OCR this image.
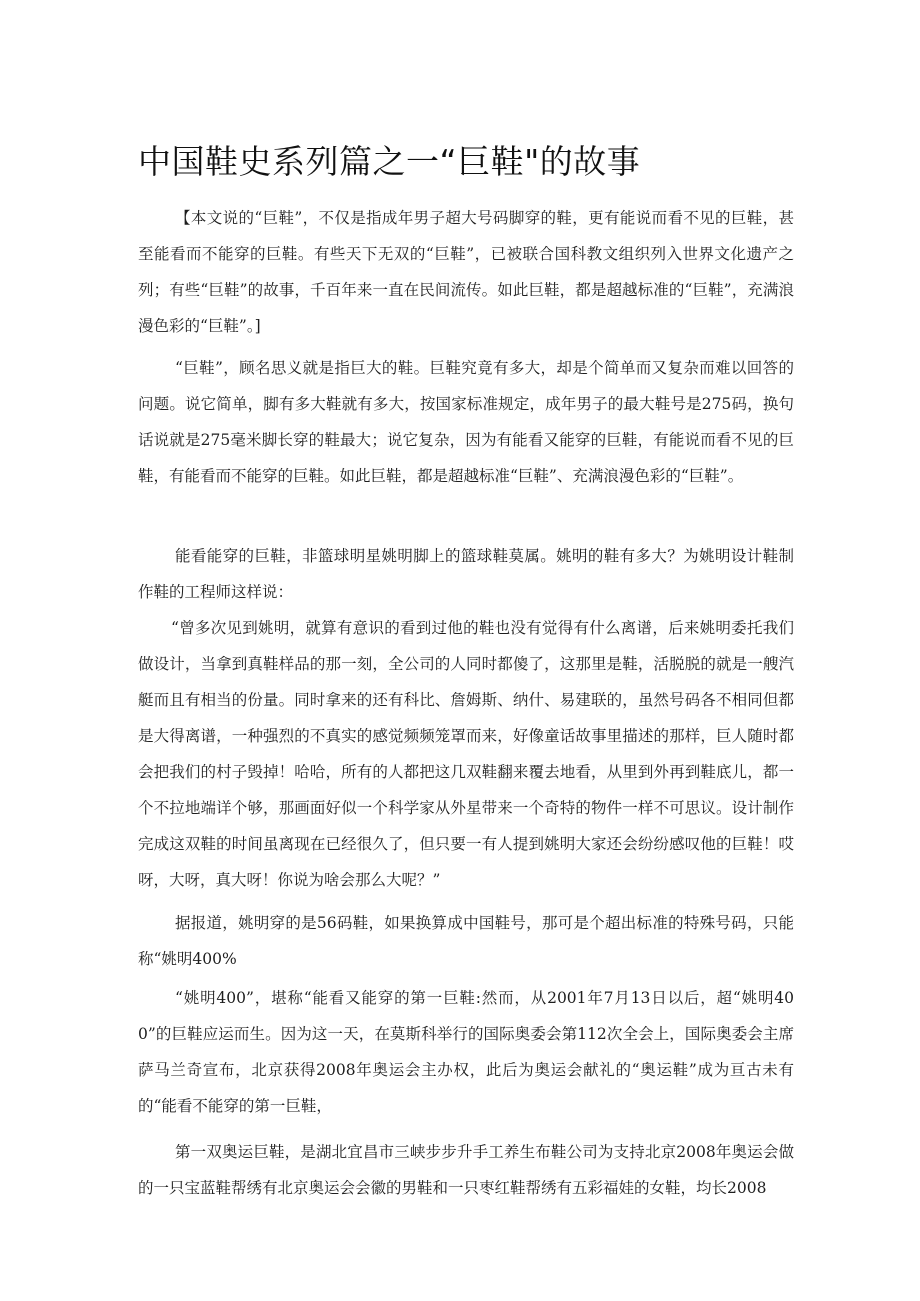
中国鞋史系列篇之一“巨鞋"的故事

【本文说的“巨鞋”，不仅是指成年男子超大号码脚穿的鞋，更有能说而看不见的巨鞋，甚至能看而不能穿的巨鞋。有些天下无双的“巨鞋”，已被联合国科教文组织列入世界文化遗产之列；有些“巨鞋”的故事，千百年来一直在民间流传。如此巨鞋，都是超越标准的“巨鞋”，充满浪漫色彩的“巨鞋”。]

“巨鞋”，顾名思义就是指巨大的鞋。巨鞋究竟有多大，却是个简单而又复杂而难以回答的问题。说它简单，脚有多大鞋就有多大，按国家标准规定，成年男子的最大鞋号是275码，换句话说就是275毫米脚长穿的鞋最大；说它复杂，因为有能看又能穿的巨鞋，有能说而看不见的巨鞋，有能看而不能穿的巨鞋。如此巨鞋，都是超越标准“巨鞋”、充满浪漫色彩的“巨鞋”。

能看能穿的巨鞋，非篮球明星姚明脚上的篮球鞋莫属。姚明的鞋有多大？为姚明设计鞋制作鞋的工程师这样说：

“曾多次见到姚明，就算有意识的看到过他的鞋也没有觉得有什么离谱，后来姚明委托我们做设计，当拿到真鞋样品的那一刻，全公司的人同时都傻了，这那里是鞋，活脱脱的就是一艘汽艇而且有相当的份量。同时拿来的还有科比、詹姆斯、纳什、易建联的，虽然号码各不相同但都是大得离谱，一种强烈的不真实的感觉频频笼罩而来，好像童话故事里描述的那样，巨人随时都会把我们的村子毁掉！哈哈，所有的人都把这几双鞋翻来覆去地看，从里到外再到鞋底儿，都一个不拉地端详个够，那画面好似一个科学家从外星带来一个奇特的物件一样不可思议。设计制作完成这双鞋的时间虽离现在已经很久了，但只要一有人提到姚明大家还会纷纷感叹他的巨鞋！哎呀，大呀，真大呀！你说为啥会那么大呢？”

据报道，姚明穿的是56码鞋，如果换算成中国鞋号，那可是个超出标准的特殊号码，只能称“姚明400%

“姚明400”，堪称“能看又能穿的第一巨鞋:然而，从2001年7月13日以后，超“姚明400”的巨鞋应运而生。因为这一天，在莫斯科举行的国际奥委会第112次全会上，国际奥委会主席萨马兰奇宣布，北京获得2008年奥运会主办权，此后为奥运会献礼的“奥运鞋”成为亘古未有的“能看不能穿的第一巨鞋，

第一双奥运巨鞋，是湖北宜昌市三峡步步升手工养生布鞋公司为支持北京2008年奥运会做的一只宝蓝鞋帮绣有北京奥运会会徽的男鞋和一只枣红鞋帮绣有五彩福娃的女鞋，均长2008
